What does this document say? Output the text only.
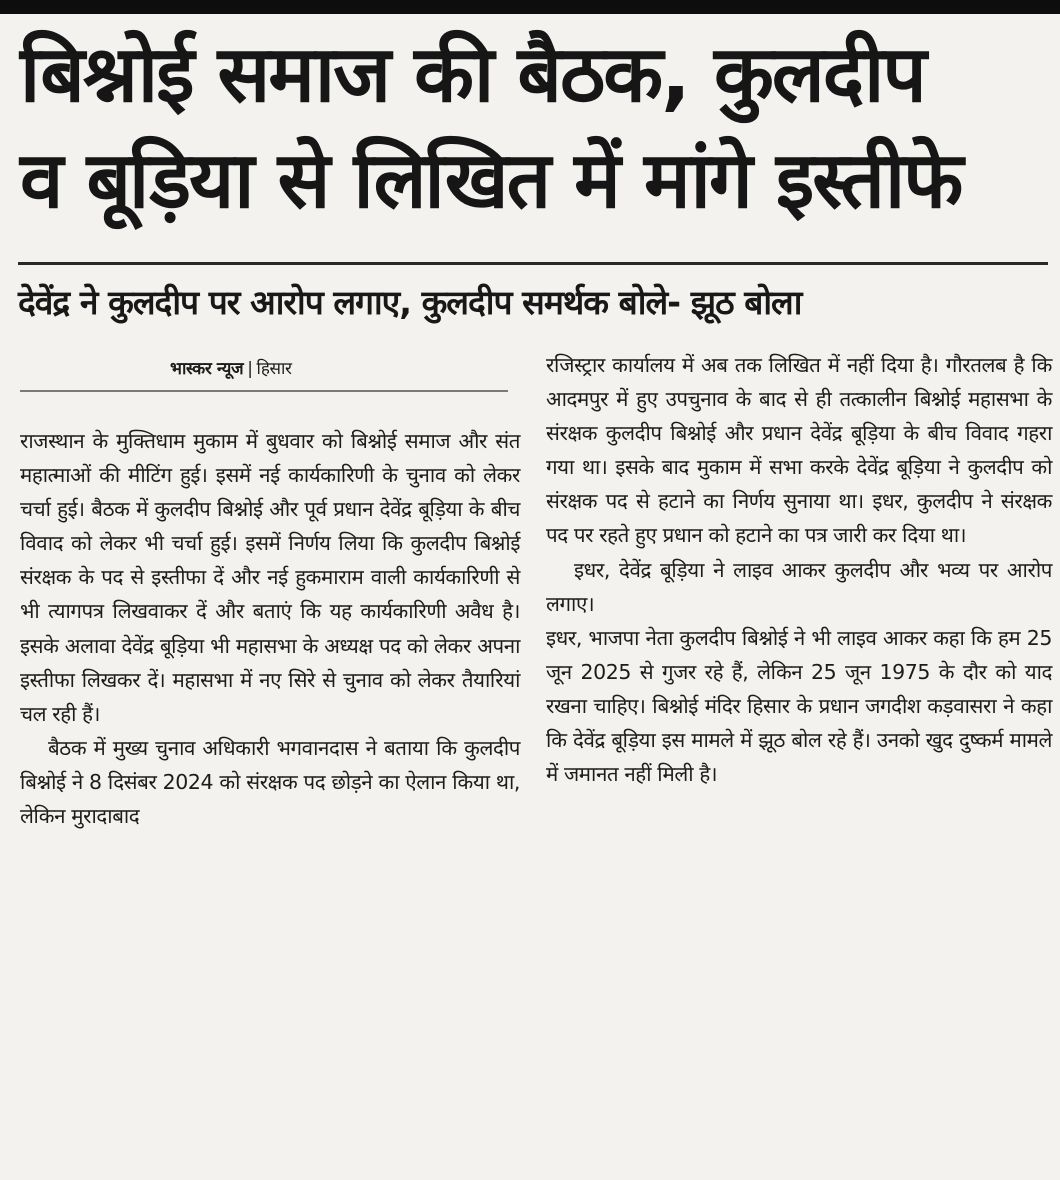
बिश्नोई समाज की बैठक, कुलदीप
व बूड़िया से लिखित में मांगे इस्तीफे
देवेंद्र ने कुलदीप पर आरोप लगाए, कुलदीप समर्थक बोले- झूठ बोला
भास्कर न्यूज | हिसार

राजस्थान के मुक्तिधाम मुकाम में बुधवार को बिश्नोई समाज और संत महात्माओं की मीटिंग हुई। इसमें नई कार्यकारिणी के चुनाव को लेकर चर्चा हुई। बैठक में कुलदीप बिश्नोई और पूर्व प्रधान देवेंद्र बूड़िया के बीच विवाद को लेकर भी चर्चा हुई। इसमें निर्णय लिया कि कुलदीप बिश्नोई संरक्षक के पद से इस्तीफा दें और नई हुकमाराम वाली कार्यकारिणी से भी त्यागपत्र लिखवाकर दें और बताएं कि यह कार्यकारिणी अवैध है। इसके अलावा देवेंद्र बूड़िया भी महासभा के अध्यक्ष पद को लेकर अपना इस्तीफा लिखकर दें। महासभा में नए सिरे से चुनाव को लेकर तैयारियां चल रही हैं।

बैठक में मुख्य चुनाव अधिकारी भगवानदास ने बताया कि कुलदीप बिश्नोई ने 8 दिसंबर 2024 को संरक्षक पद छोड़ने का ऐलान किया था, लेकिन मुरादाबाद

रजिस्ट्रार कार्यालय में अब तक लिखित में नहीं दिया है। गौरतलब है कि आदमपुर में हुए उपचुनाव के बाद से ही तत्कालीन बिश्नोई महासभा के संरक्षक कुलदीप बिश्नोई और प्रधान देवेंद्र बूड़िया के बीच विवाद गहरा गया था। इसके बाद मुकाम में सभा करके देवेंद्र बूड़िया ने कुलदीप को संरक्षक पद से हटाने का निर्णय सुनाया था। इधर, कुलदीप ने संरक्षक पद पर रहते हुए प्रधान को हटाने का पत्र जारी कर दिया था।

इधर, देवेंद्र बूड़िया ने लाइव आकर कुलदीप और भव्य पर आरोप लगाए।

इधर, भाजपा नेता कुलदीप बिश्नोई ने भी लाइव आकर कहा कि हम 25 जून 2025 से गुजर रहे हैं, लेकिन 25 जून 1975 के दौर को याद रखना चाहिए। बिश्नोई मंदिर हिसार के प्रधान जगदीश कड़वासरा ने कहा कि देवेंद्र बूड़िया इस मामले में झूठ बोल रहे हैं। उनको खुद दुष्कर्म मामले में जमानत नहीं मिली है।
